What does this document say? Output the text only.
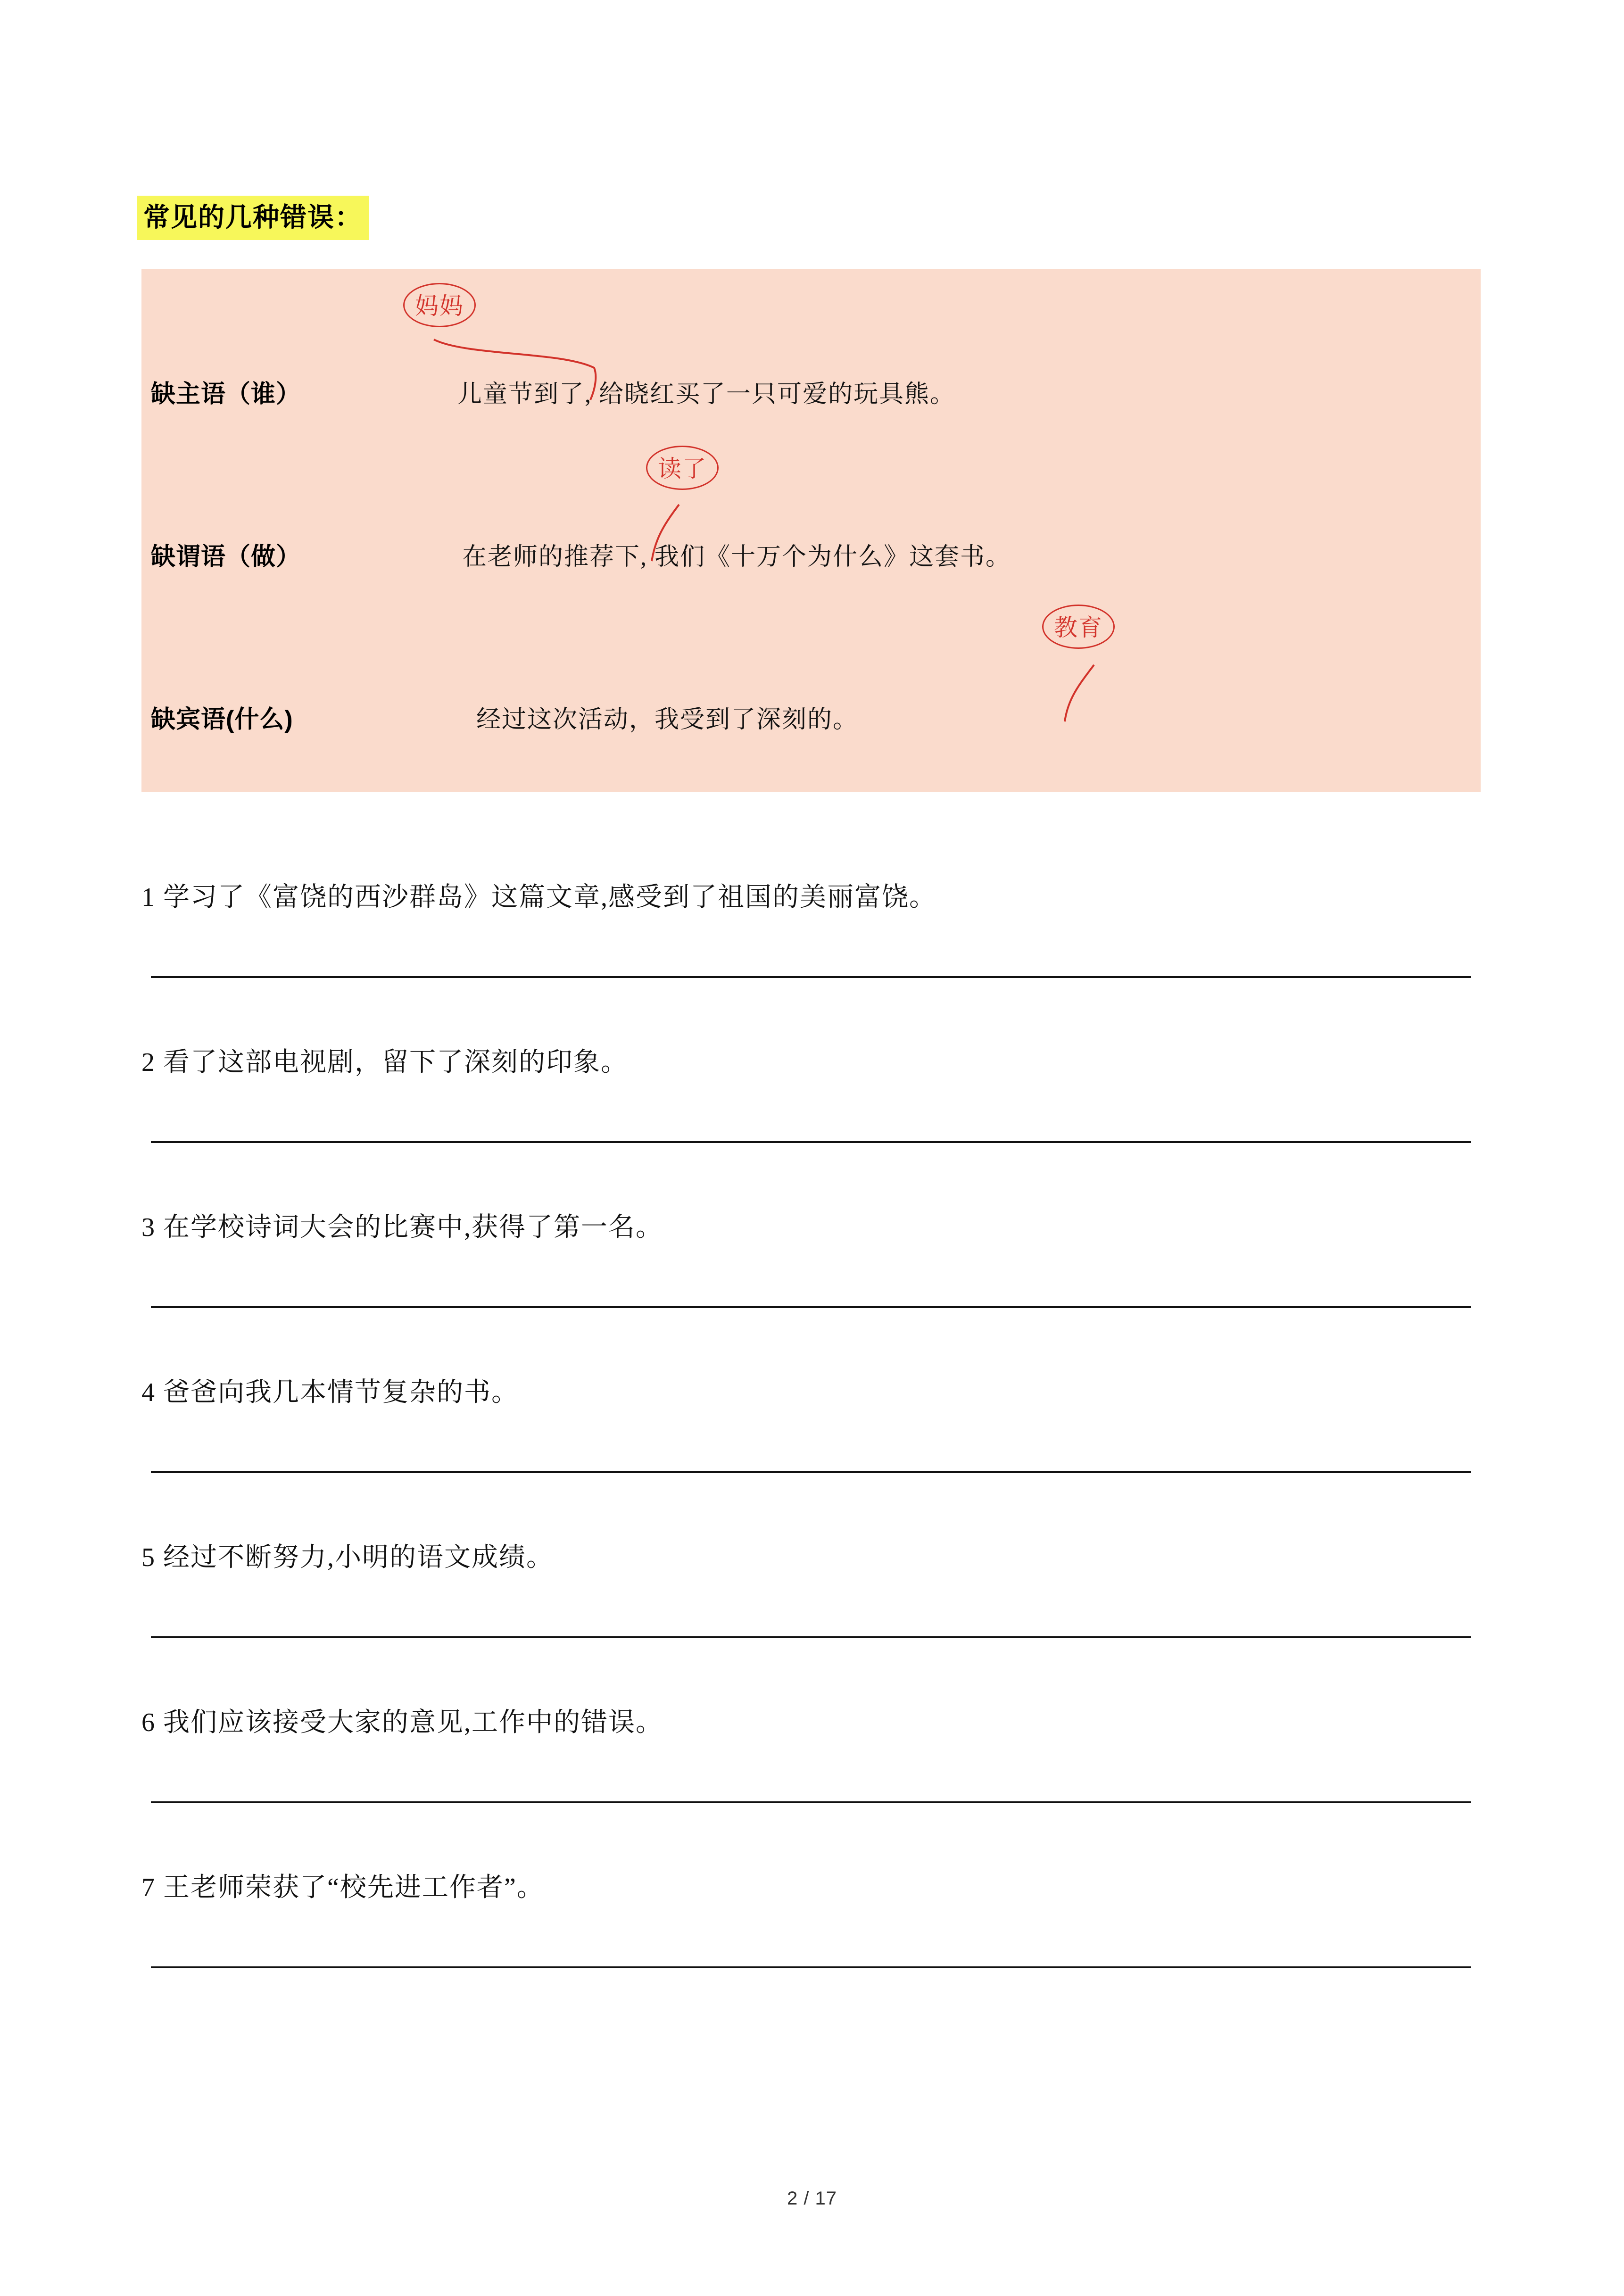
常见的几种错误：
缺主语（谁）	儿童节到了, 给晓红买了一只可爱的玩具熊。
缺谓语（做）	在老师的推荐下, 我们《十万个为什么》这套书。
缺宾语(什么)	经过这次活动，我受到了深刻的。
妈妈
读了
教育
1 学习了《富饶的西沙群岛》这篇文章,感受到了祖国的美丽富饶。
2 看了这部电视剧，留下了深刻的印象。
3 在学校诗词大会的比赛中,获得了第一名。
4 爸爸向我几本情节复杂的书。
5 经过不断努力,小明的语文成绩。
6 我们应该接受大家的意见,工作中的错误。
7 王老师荣获了“校先进工作者”。
2 / 17
